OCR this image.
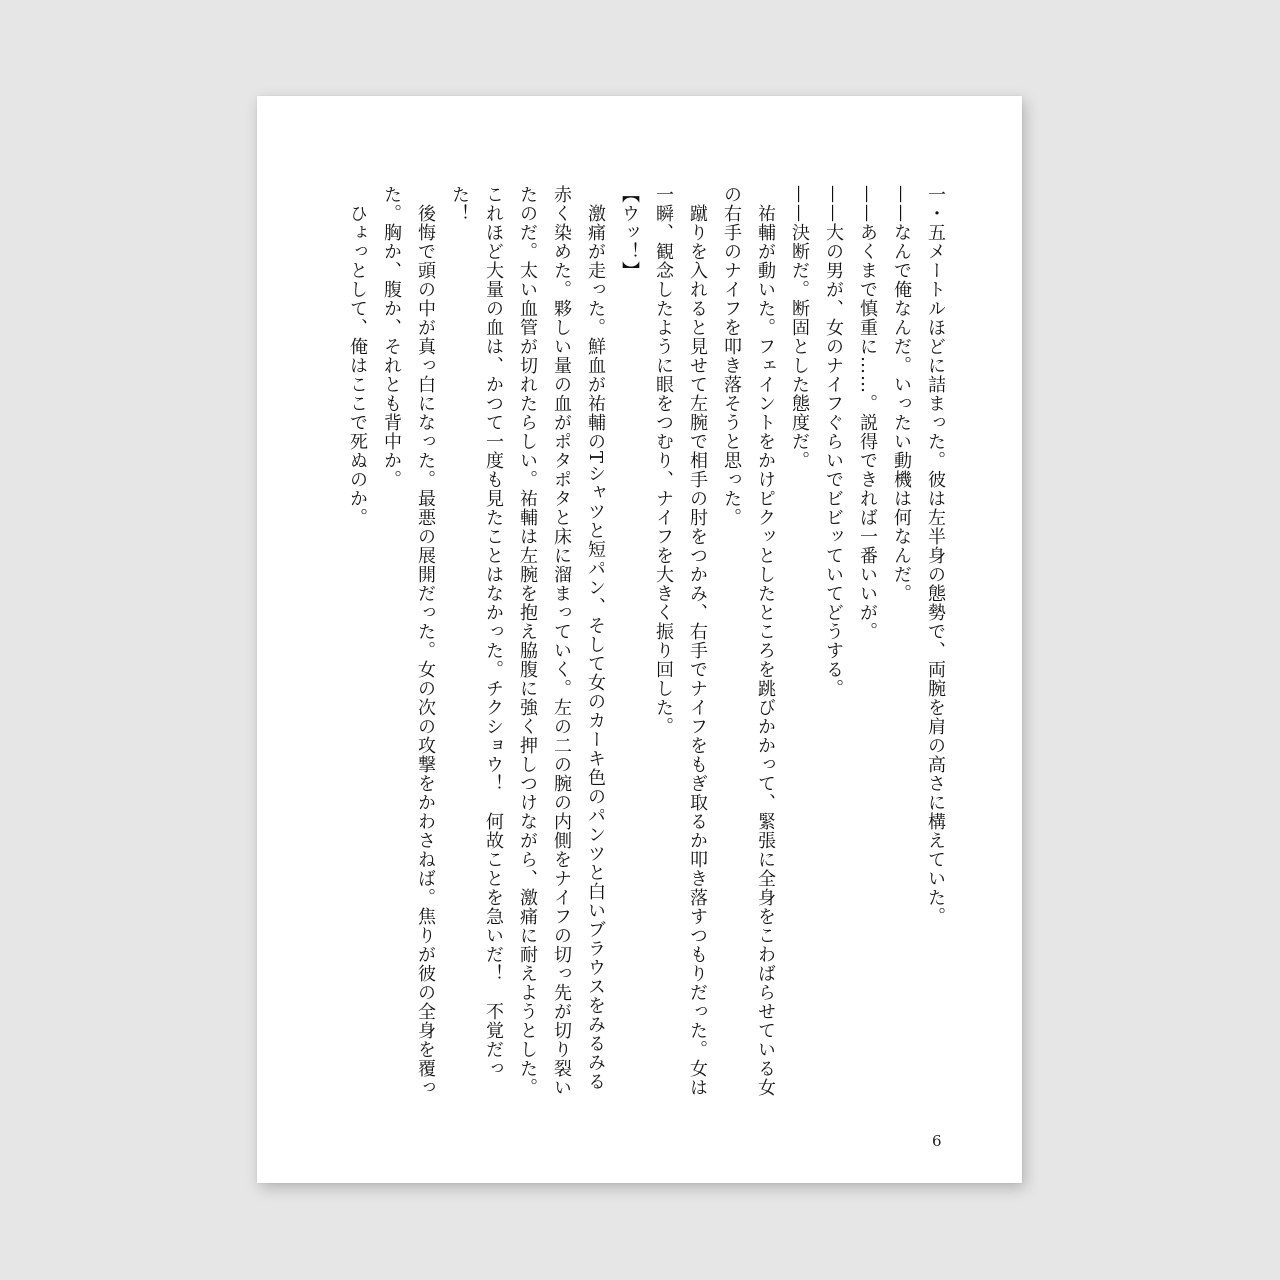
一・五メートルほどに詰まった。彼は左半身の態勢で、両腕を肩の高さに構えていた。
——なんで俺なんだ。いったい動機は何なんだ。
——あくまで慎重に……。説得できれば一番いいが。
——大の男が、女のナイフぐらいでビビッていてどうする。
——決断だ。断固とした態度だ。
祐輔が動いた。フェイントをかけピクッとしたところを跳びかかって、緊張に全身をこわばらせている女
の右手のナイフを叩き落そうと思った。
蹴りを入れると見せて左腕で相手の肘をつかみ、右手でナイフをもぎ取るか叩き落すつもりだった。女は
一瞬、観念したように眼をつむり、ナイフを大きく振り回した。
【ウッ！】
激痛が走った。鮮血が祐輔のTシャツと短パン、そして女のカーキ色のパンツと白いブラウスをみるみる
赤く染めた。夥しい量の血がポタポタと床に溜まっていく。左の二の腕の内側をナイフの切っ先が切り裂い
たのだ。太い血管が切れたらしい。祐輔は左腕を抱え脇腹に強く押しつけながら、激痛に耐えようとした。
これほど大量の血は、かつて一度も見たことはなかった。チクショウ！　何故ことを急いだ！　不覚だっ
た！
後悔で頭の中が真っ白になった。最悪の展開だった。女の次の攻撃をかわさねば。焦りが彼の全身を覆っ
た。胸か、腹か、それとも背中か。
ひょっとして、俺はここで死ぬのか。
6
